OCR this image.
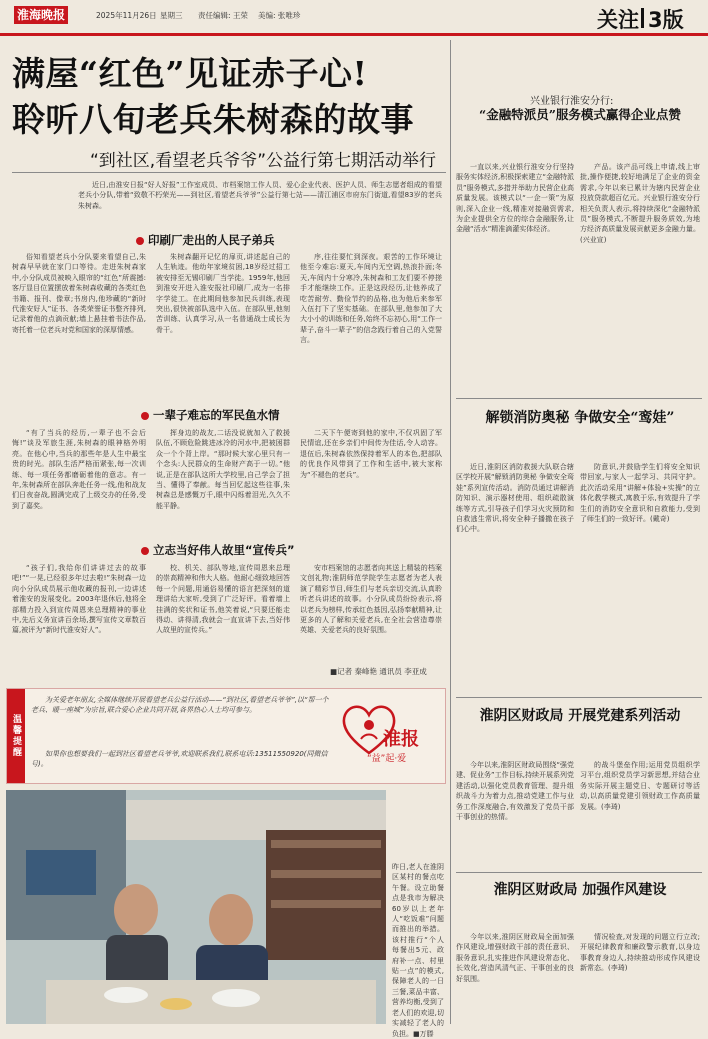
淮海晚报	2025年11月26日 星期三 责任编辑: 王荣 美编: 张唯珍	关注 3版
满屋“红色”见证赤子心!
聆听八旬老兵朱树森的故事
“到社区,看望老兵爷爷”公益行第七期活动举行
近日,由淮安日报“好人好报”工作室成员、市档案馆工作人员、爱心企业代表、医护人员、师生志愿者组成的看望老兵小分队,带着“致敬不朽荣光——到社区,看望老兵爷爷”公益行第七站——清江浦区市府东门街道,看望83岁的老兵朱树森。
印刷厂走出的人民子弟兵
俗知看望老兵小分队要来看望自己,朱树森早早就在家门口等待。走进朱树森家中,小分队成员被映入眼帘的“红色”所震撼:客厅显目位置摆放着朱树森收藏的各类红色书籍、报刊、像章;书房内,他珍藏的“新时代淮安好人”证书、各类荣誉证书整齐排列,记录着他的点滴贡献;墙上悬挂着书法作品,寄托着一位老兵对党和国家的深厚情感。
朱树森翻开记忆的扉页,讲述起自己的人生轨迹。他幼年家境贫困,18岁经过招工被安排至无锡印刷厂当学徒。1959年,他回到淮安开进入淮安报社印刷厂,成为一名排字学徒工。在此期间他参加民兵训练,表现突出,很快被部队选中入伍。在部队里,他刻苦训练、认真学习,从一名普通战士成长为骨干。
序,往往要忙到深夜。艰苦的工作环境让他至今难忘:夏天,车间内无空调,热浪扑面;冬天,车间内十分寒冷,朱树森和工友们要不停搓手才能继续工作。正是这段经历,让他养成了吃苦耐劳、勤俭节约的品格,也为他后来参军入伍打下了坚实基础。在部队里,他参加了大大小小的训练和任务,始终不忘初心,用“工作一辈子,奋斗一辈子”的信念践行着自己的入党誓言。
一辈子难忘的军民鱼水情
“有了当兵的经历,一辈子也不会后悔!”谈及军旅生涯,朱树森的眼神格外明亮。在他心中,当兵的那些年是人生中最宝贵的时光。部队生活严格而紧张,每一次训练、每一项任务都磨砺着他的意志。有一年,朱树森所在部队奔赴任务一线,他和战友们日夜奋战,圆满完成了上级交办的任务,受到了嘉奖。
挥身边的战友,二话没说就加入了救援队伍,不顾危险跳进冰冷的河水中,把被困群众一个个背上岸。“那时候大家心里只有一个念头:人民群众的生命财产高于一切。”他说,正是在部队这所大学校里,自己学会了担当、懂得了奉献。每当回忆起这些往事,朱树森总是感慨万千,眼中闪烁着泪光,久久不能平静。
二天下午便寄到他的家中,不仅巩固了军民情谊,还在乡亲们中间传为佳话,令人动容。退伍后,朱树森依然保持着军人的本色,把部队的优良作风带到了工作和生活中,被大家称为“不褪色的老兵”。
立志当好伟人故里“宣传兵”
“孩子们,我给你们讲讲过去的故事吧!”“一晃,已经很多年过去啦!”朱树森一边向小分队成员展示他收藏的报刊,一边讲述着淮安的发展变化。2003年退休后,他将全部精力投入到宣传周恩来总理精神的事业中,先后义务宣讲百余场,撰写宣传文章数百篇,被评为“新时代淮安好人”。
校、机关、部队等地,宣传周恩来总理的崇高精神和伟大人格。他耐心细致地回答每一个问题,用通俗易懂的语言把深刻的道理讲给大家听,受到了广泛好评。看着墙上挂满的奖状和证书,他笑着说,“只要还能走得动、讲得清,我就会一直宣讲下去,当好伟人故里的宣传兵。”
安市档案馆的志愿者向其送上精装的档案文创礼物;淮阴师范学院学生志愿者为老人表演了精彩节目,师生们与老兵亲切交流,认真聆听老兵讲述的故事。小分队成员纷纷表示,将以老兵为榜样,传承红色基因,弘扬奉献精神,让更多的人了解和关爱老兵,在全社会营造尊崇英雄、关爱老兵的良好氛围。
■记者 秦峰艳 通讯员 李亚成
温馨提醒
为关爱老年朋友,全媒体继续开展看望老兵公益行活动——“到社区,看望老兵爷爷”,以“帮一个老兵、暖一座城”为宗旨,联合爱心企业共同开展,各界热心人士均可参与。
如果你也想要我们一起到社区看望老兵爷爷,欢迎联系我们,联系电话:13511550920(同微信号)。
淮报
“益”起·爱
昨日,老人在淮阴区某村的餐点吃午餐。设立助餐点是我市为解决60岁以上老年人“吃饭难”问题而推出的举措。该村推行“个人每餐出5元、政府补一点、村里贴一点”的模式,保障老人的一日三餐,菜品丰富、营养均衡,受到了老人们的欢迎,切实减轻了老人的负担。■万滕
兴业银行淮安分行:
“金融特派员”服务模式赢得企业点赞
一直以来,兴业银行淮安分行坚持服务实体经济,积极探索建立“金融特派员”服务模式,多措并举助力民营企业高质量发展。该模式以“一企一策”为原则,深入企业一线,精准对接融资需求,为企业提供全方位的综合金融服务,让金融“活水”精准滴灌实体经济。
产品。该产品可线上申请,线上审批,操作便捷,较好地满足了企业的资金需求,今年以来已累计为辖内民营企业投放贷款超百亿元。兴业银行淮安分行相关负责人表示,将持续深化“金融特派员”服务模式,不断提升服务质效,为地方经济高质量发展贡献更多金融力量。(兴业宣)
解锁消防奥秘 争做安全“鸾娃”
近日,淮阴区消防救援大队联合辖区学校开展“解锁消防奥秘 争做安全鸾娃”系列宣传活动。消防员通过讲解消防知识、演示器材使用、组织疏散演练等方式,引导孩子们学习火灾预防和自救逃生常识,将安全种子播撒在孩子们心中。
防意识,并鼓励学生们将安全知识带回家,与家人一起学习、共同守护。此次活动采用“讲解+体验+实操”的立体化教学模式,寓教于乐,有效提升了学生们的消防安全意识和自救能力,受到了师生们的一致好评。(戴奇)
淮阴区财政局 开展党建系列活动
今年以来,淮阴区财政局围绕“强党建、促业务”工作目标,持续开展系列党建活动,以强化党员教育管理、提升组织战斗力为着力点,推动党建工作与业务工作深度融合,有效激发了党员干部干事创业的热情。
的战斗堡垒作用;运用党员组织学习平台,组织党员学习新思想,并结合业务实际开展主题党日、专题研讨等活动,以高质量党建引领财政工作高质量发展。(李琦)
淮阴区财政局 加强作风建设
今年以来,淮阴区财政局全面加强作风建设,增强财政干部的责任意识、服务意识,扎实推进作风建设常态化、长效化,营造风清气正、干事创业的良好氛围。
情况检查,对发现的问题立行立改;开展纪律教育和廉政警示教育,以身边事教育身边人,持续推动形成作风建设新常态。(李琦)
